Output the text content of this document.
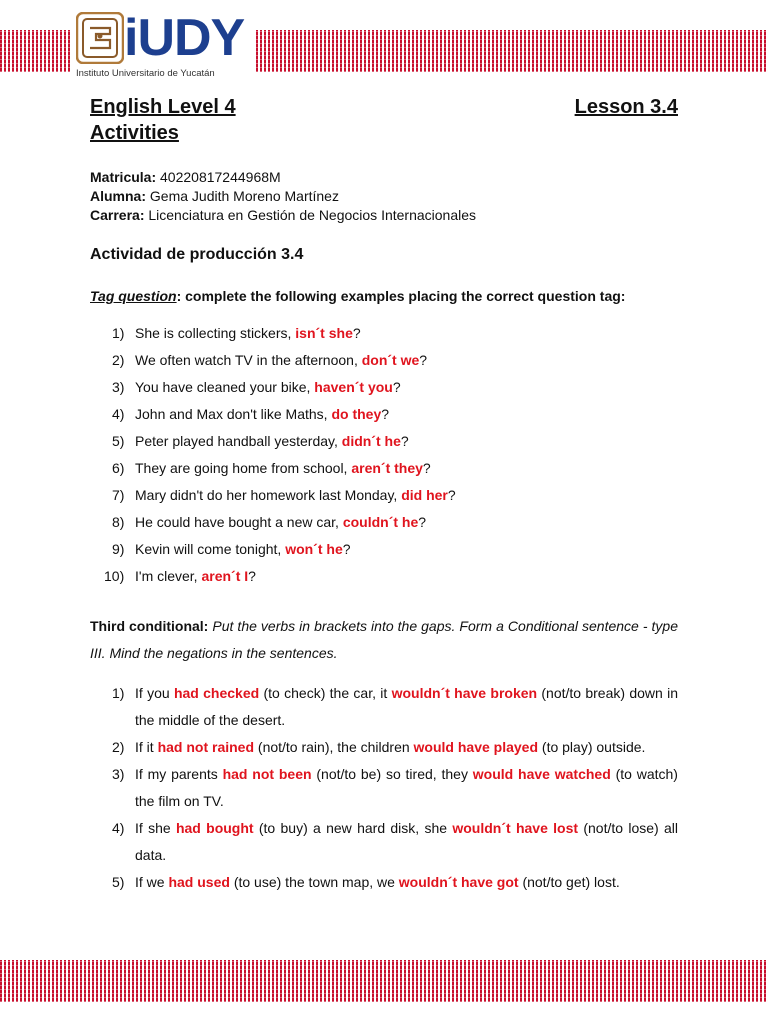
iUDY
Instituto Universitario de Yucatán
English Level 4	Lesson 3.4
Activities
Matricula: 40220817244968M
Alumna: Gema Judith Moreno Martínez
Carrera: Licenciatura en Gestión de Negocios Internacionales
Actividad de producción 3.4
Tag question: complete the following examples placing the correct question tag:
1) She is collecting stickers, isn´t she?
2) We often watch TV in the afternoon, don´t we?
3) You have cleaned your bike, haven´t you?
4) John and Max don't like Maths, do they?
5) Peter played handball yesterday, didn´t he?
6) They are going home from school, aren´t they?
7) Mary didn't do her homework last Monday, did her?
8) He could have bought a new car, couldn´t he?
9) Kevin will come tonight, won´t he?
10) I'm clever, aren´t I?
Third conditional: Put the verbs in brackets into the gaps. Form a Conditional sentence - type III. Mind the negations in the sentences.
1) If you had checked (to check) the car, it wouldn´t have broken (not/to break) down in the middle of the desert.
2) If it had not rained (not/to rain), the children would have played (to play) outside.
3) If my parents had not been (not/to be) so tired, they would have watched (to watch) the film on TV.
4) If she had bought (to buy) a new hard disk, she wouldn´t have lost (not/to lose) all data.
5) If we had used (to use) the town map, we wouldn´t have got (not/to get) lost.
